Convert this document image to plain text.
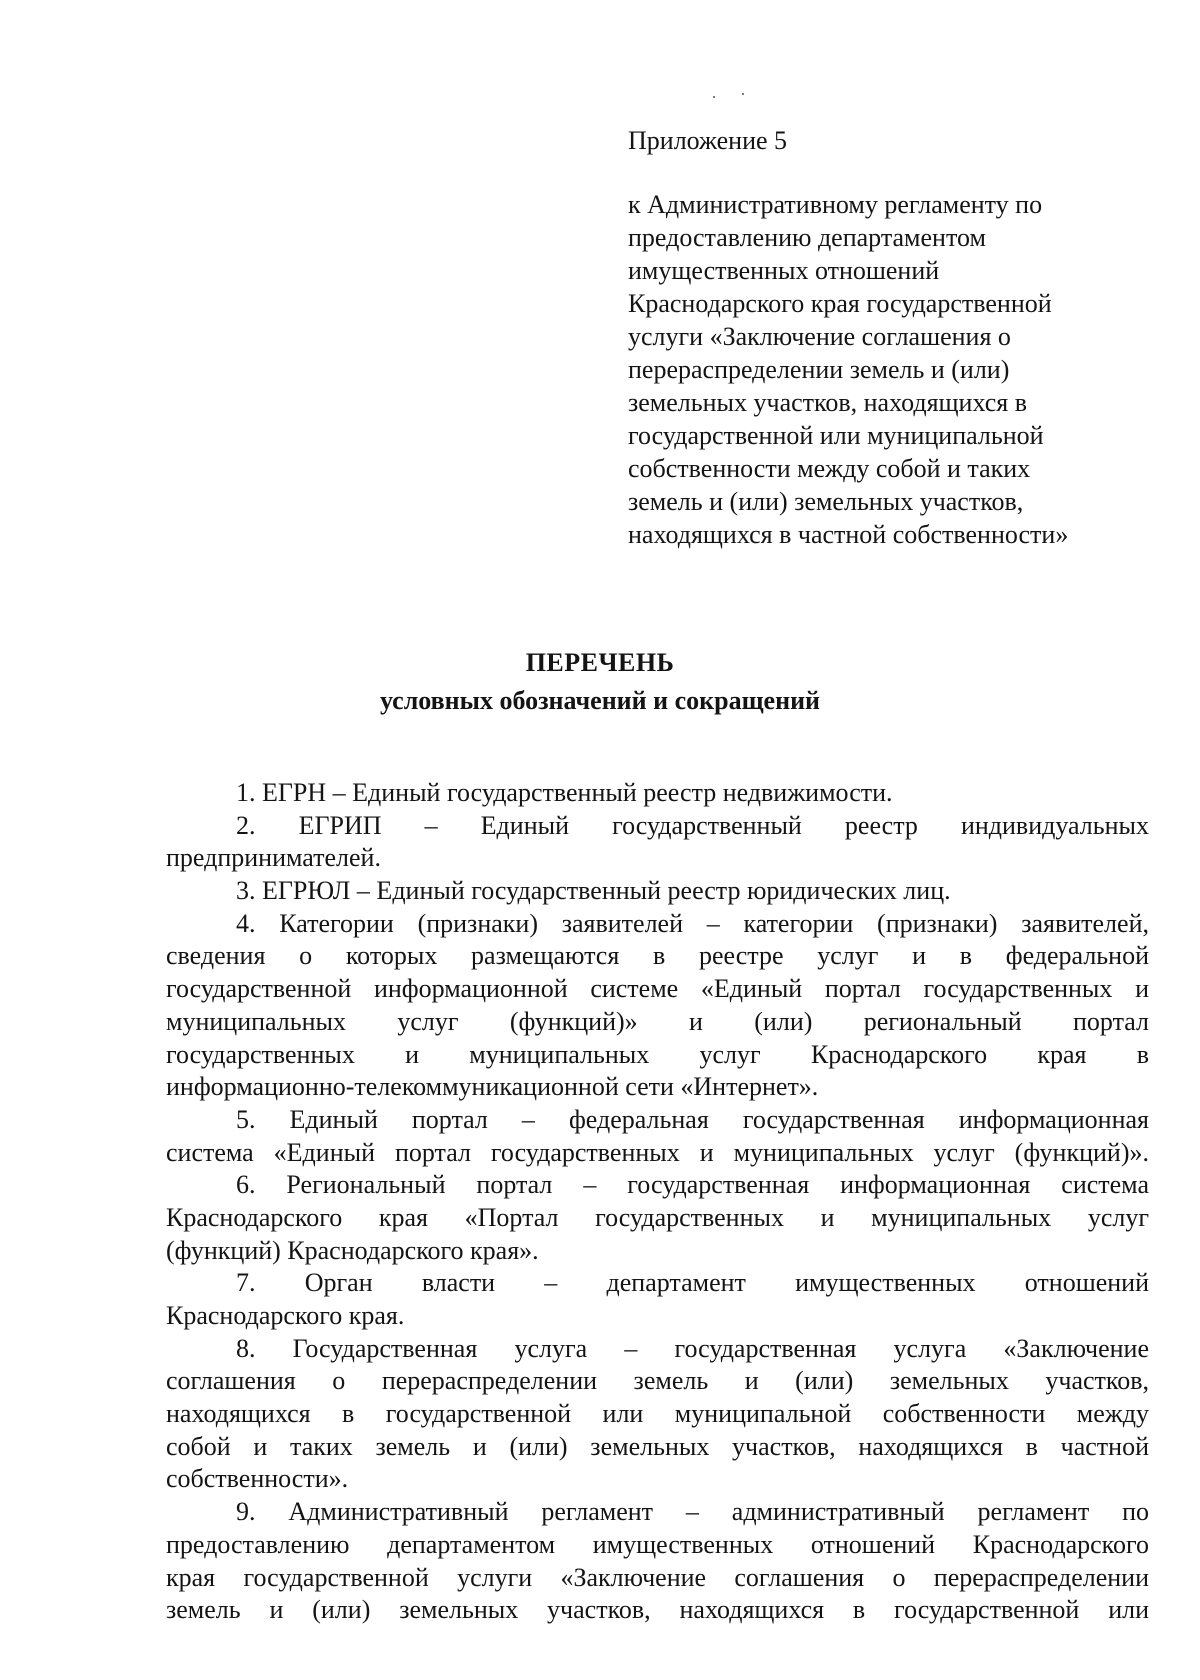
Приложение 5

к Административному регламенту по
предоставлению департаментом
имущественных отношений
Краснодарского края государственной
услуги «Заключение соглашения о
перераспределении земель и (или)
земельных участков, находящихся в
государственной или муниципальной
собственности между собой и таких
земель и (или) земельных участков,
находящихся в частной собственности»
ПЕРЕЧЕНЬ
условных обозначений и сокращений
1. ЕГРН – Единый государственный реестр недвижимости.
2. ЕГРИП – Единый государственный реестр индивидуальных
предпринимателей.
3. ЕГРЮЛ – Единый государственный реестр юридических лиц.
4. Категории (признаки) заявителей – категории (признаки) заявителей,
сведения о которых размещаются в реестре услуг и в федеральной
государственной информационной системе «Единый портал государственных и
муниципальных услуг (функций)» и (или) региональный портал
государственных и муниципальных услуг Краснодарского края в
информационно-телекоммуникационной сети «Интернет».
5. Единый портал – федеральная государственная информационная
система «Единый портал государственных и муниципальных услуг (функций)».
6. Региональный портал – государственная информационная система
Краснодарского края «Портал государственных и муниципальных услуг
(функций) Краснодарского края».
7. Орган власти – департамент имущественных отношений
Краснодарского края.
8. Государственная услуга – государственная услуга «Заключение
соглашения о перераспределении земель и (или) земельных участков,
находящихся в государственной или муниципальной собственности между
собой и таких земель и (или) земельных участков, находящихся в частной
собственности».
9. Административный регламент – административный регламент по
предоставлению департаментом имущественных отношений Краснодарского
края государственной услуги «Заключение соглашения о перераспределении
земель и (или) земельных участков, находящихся в государственной или
